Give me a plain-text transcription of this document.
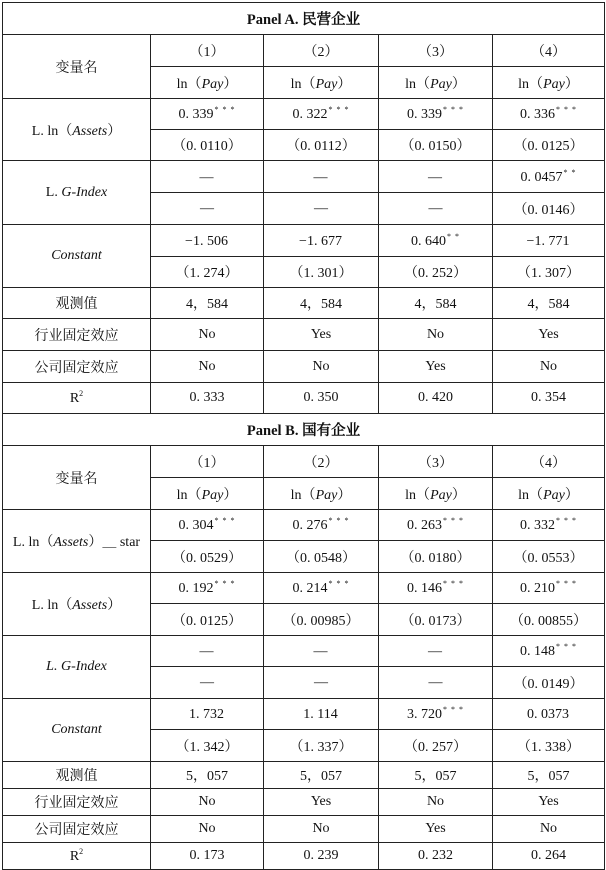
Panel A. 民营企业				
变量名	（1）	（2）	（3）	（4）
	ln（Pay）	ln（Pay）	ln（Pay）	ln（Pay）
L. ln（Assets）	0. 339* * *	0. 322* * *	0. 339* * *	0. 336* * *
	（0. 0110）	（0. 0112）	（0. 0150）	（0. 0125）
L. G-Index	—	—	—	0. 0457* *
	—	—	—	（0. 0146）
Constant	−1. 506	−1. 677	0. 640* *	−1. 771
	（1. 274）	（1. 301）	（0. 252）	（1. 307）
观测值	4，584	4，584	4，584	4，584
行业固定效应	No	Yes	No	Yes
公司固定效应	No	No	Yes	No
$R^2$	0. 333	0. 350	0. 420	0. 354
Panel B. 国有企业				
变量名	（1）	（2）	（3）	（4）
	ln（Pay）	ln（Pay）	ln（Pay）	ln（Pay）
L. ln（Assets）＿ star	0. 304* * *	0. 276* * *	0. 263* * *	0. 332* * *
	（0. 0529）	（0. 0548）	（0. 0180）	（0. 0553）
L. ln（Assets）	0. 192* * *	0. 214* * *	0. 146* * *	0. 210* * *
	（0. 0125）	（0. 00985）	（0. 0173）	（0. 00855）
L. G-Index	—	—	—	0. 148* * *
	—	—	—	（0. 0149）
Constant	1. 732	1. 114	3. 720* * *	0. 0373
	（1. 342）	（1. 337）	（0. 257）	（1. 338）
观测值	5，057	5，057	5，057	5，057
行业固定效应	No	Yes	No	Yes
公司固定效应	No	No	Yes	No
$R^2$	0. 173	0. 239	0. 232	0. 264
